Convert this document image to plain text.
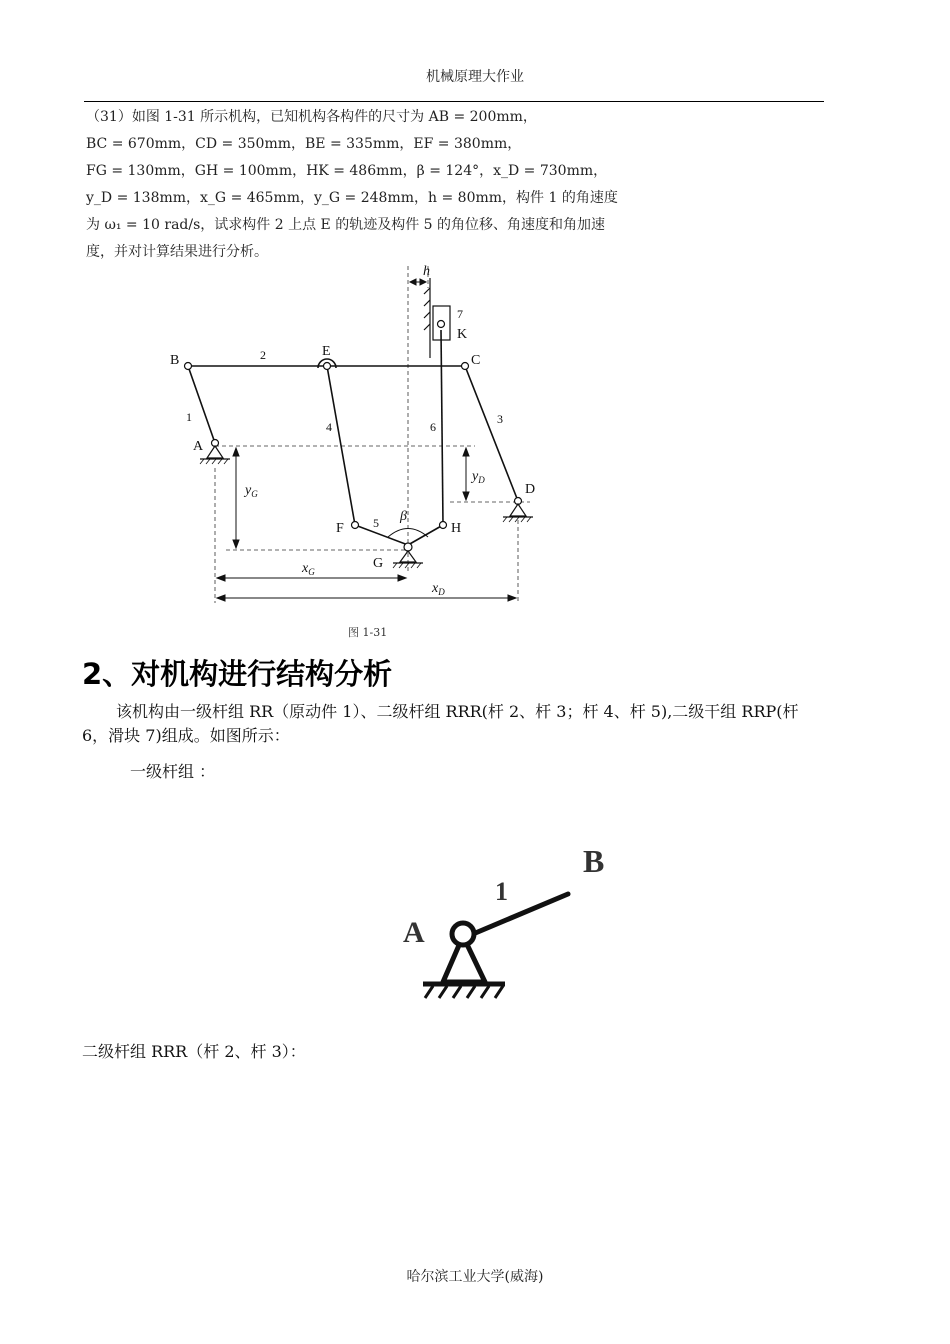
机械原理大作业

（31）如图 1-31 所示机构，已知机构各构件的尺寸为 AB = 200mm，

BC = 670mm，CD = 350mm，BE = 335mm，EF = 380mm，

FG = 130mm，GH = 100mm，HK = 486mm，β = 124°，x_D = 730mm，

y_D = 138mm，x_G = 465mm，y_G = 248mm，h = 80mm，构件 1 的角速度

为 ω₁ = 10 rad/s，试求构件 2 上点 E 的轨迹及构件 5 的角位移、角速度和角加速

度，并对计算结果进行分析。

B
E
C
A
D
F	H
G
K
1
2
3
4
5
6
7
h
β
$y_G$
$y_D$
$x_G$
$x_D$
图 1-31
2、对机构进行结构分析
该机构由一级杆组 RR（原动件 1）、二级杆组 RRR(杆 2、杆 3；杆 4、杆 5),二级干组 RRP(杆 6，滑块 7)组成。如图所示：
一级杆组 ：
A
B
1
二级杆组 RRR（杆 2、杆 3）：
哈尔滨工业大学(威海)
